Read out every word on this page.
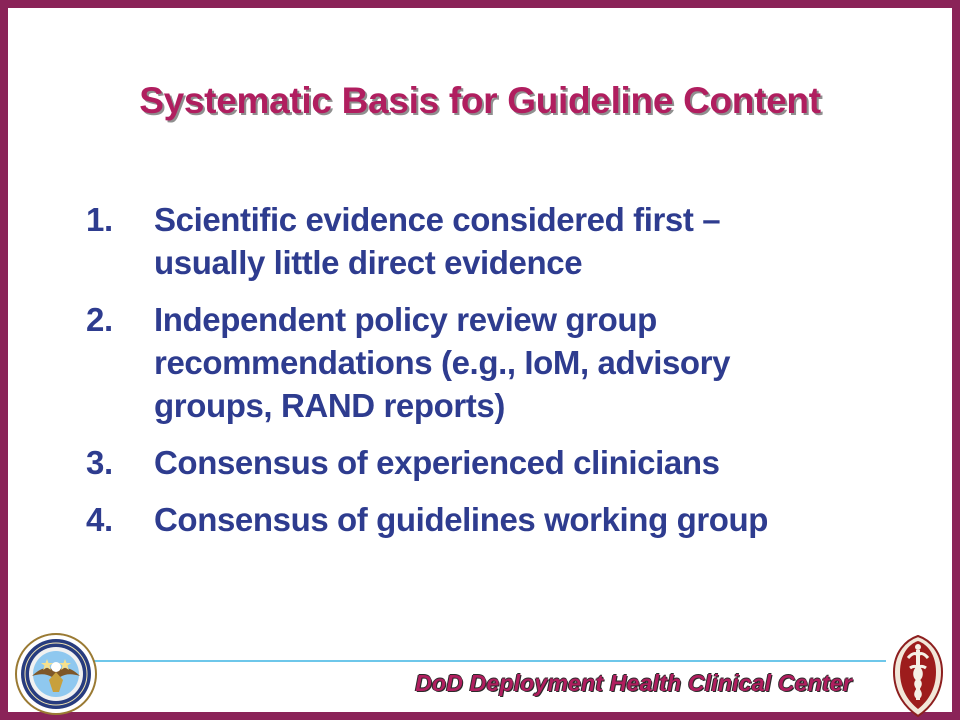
Systematic Basis for Guideline Content
1. Scientific evidence considered first –
usually little direct evidence
2. Independent policy review group
recommendations (e.g., IoM, advisory
groups, RAND reports)
3. Consensus of experienced clinicians
4. Consensus of guidelines working group
DoD Deployment Health Clinical Center
